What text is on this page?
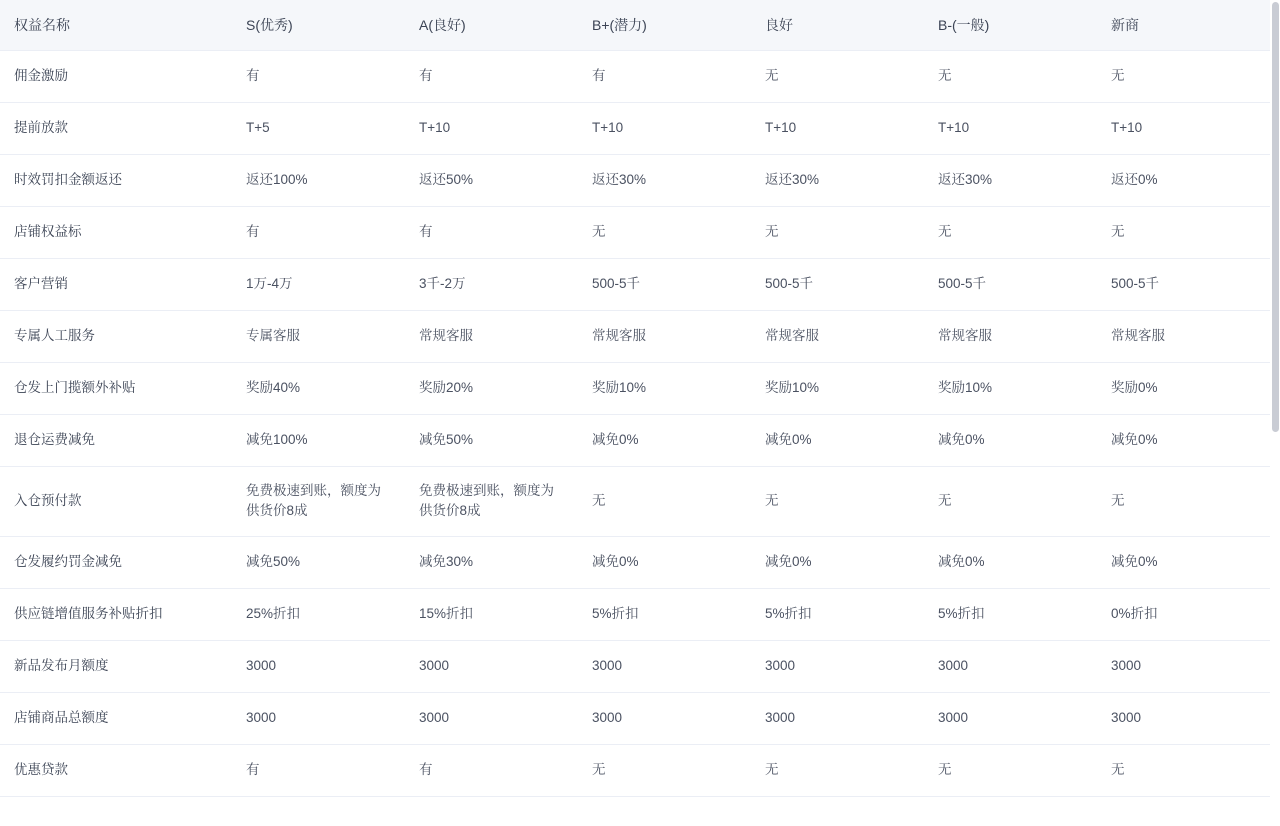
权益名称	S(优秀)	A(良好)	B+(潜力)	良好	B-(一般)	新商
佣金激励	有	有	有	无	无	无
提前放款	T+5	T+10	T+10	T+10	T+10	T+10
时效罚扣金额返还	返还100%	返还50%	返还30%	返还30%	返还30%	返还0%
店铺权益标	有	有	无	无	无	无
客户营销	1万-4万	3千-2万	500-5千	500-5千	500-5千	500-5千
专属人工服务	专属客服	常规客服	常规客服	常规客服	常规客服	常规客服
仓发上门揽额外补贴	奖励40%	奖励20%	奖励10%	奖励10%	奖励10%	奖励0%
退仓运费减免	减免100%	减免50%	减免0%	减免0%	减免0%	减免0%
入仓预付款	免费极速到账，额度为供货价8成	免费极速到账，额度为供货价8成	无	无	无	无
仓发履约罚金减免	减免50%	减免30%	减免0%	减免0%	减免0%	减免0%
供应链增值服务补贴折扣	25%折扣	15%折扣	5%折扣	5%折扣	5%折扣	0%折扣
新品发布月额度	3000	3000	3000	3000	3000	3000
店铺商品总额度	3000	3000	3000	3000	3000	3000
优惠贷款	有	有	无	无	无	无
